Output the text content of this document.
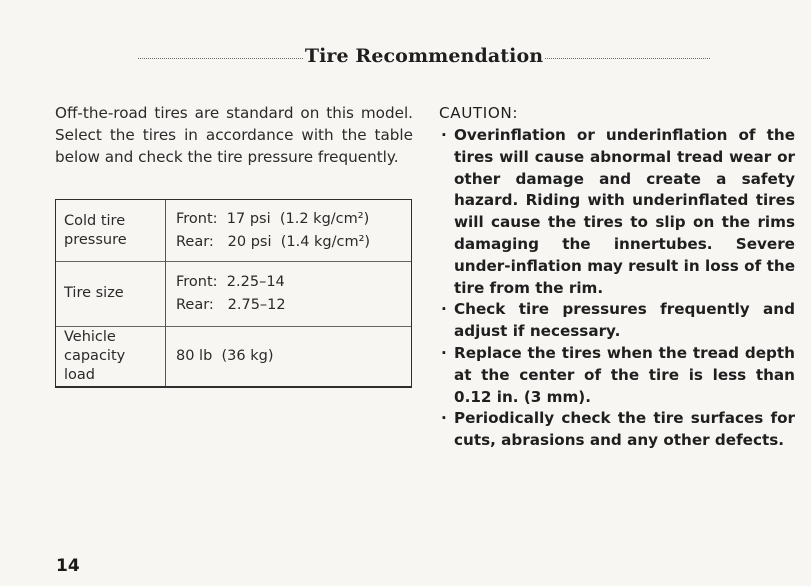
Tire Recommendation

Off-the-road tires are standard on this model. Select the tires in accordance with the table below and check the tire pressure frequently.

Cold tire
pressure
Front:  17 psi  (1.2 kg/cm²)
Rear:   20 psi  (1.4 kg/cm²)
Tire size
Front:  2.25–14
Rear:   2.75–12
Vehicle
capacity
load
80 lb  (36 kg)
CAUTION:
· Overinflation or underinflation of the tires will cause abnormal tread wear or other damage and create a safety hazard. Riding with underinflated tires will cause the tires to slip on the rims damaging the innertubes. Severe under-inflation may result in loss of the tire from the rim.
· Check tire pressures frequently and adjust if necessary.
· Replace the tires when the tread depth at the center of the tire is less than 0.12 in. (3 mm).
· Periodically check the tire surfaces for cuts, abrasions and any other defects.
14
